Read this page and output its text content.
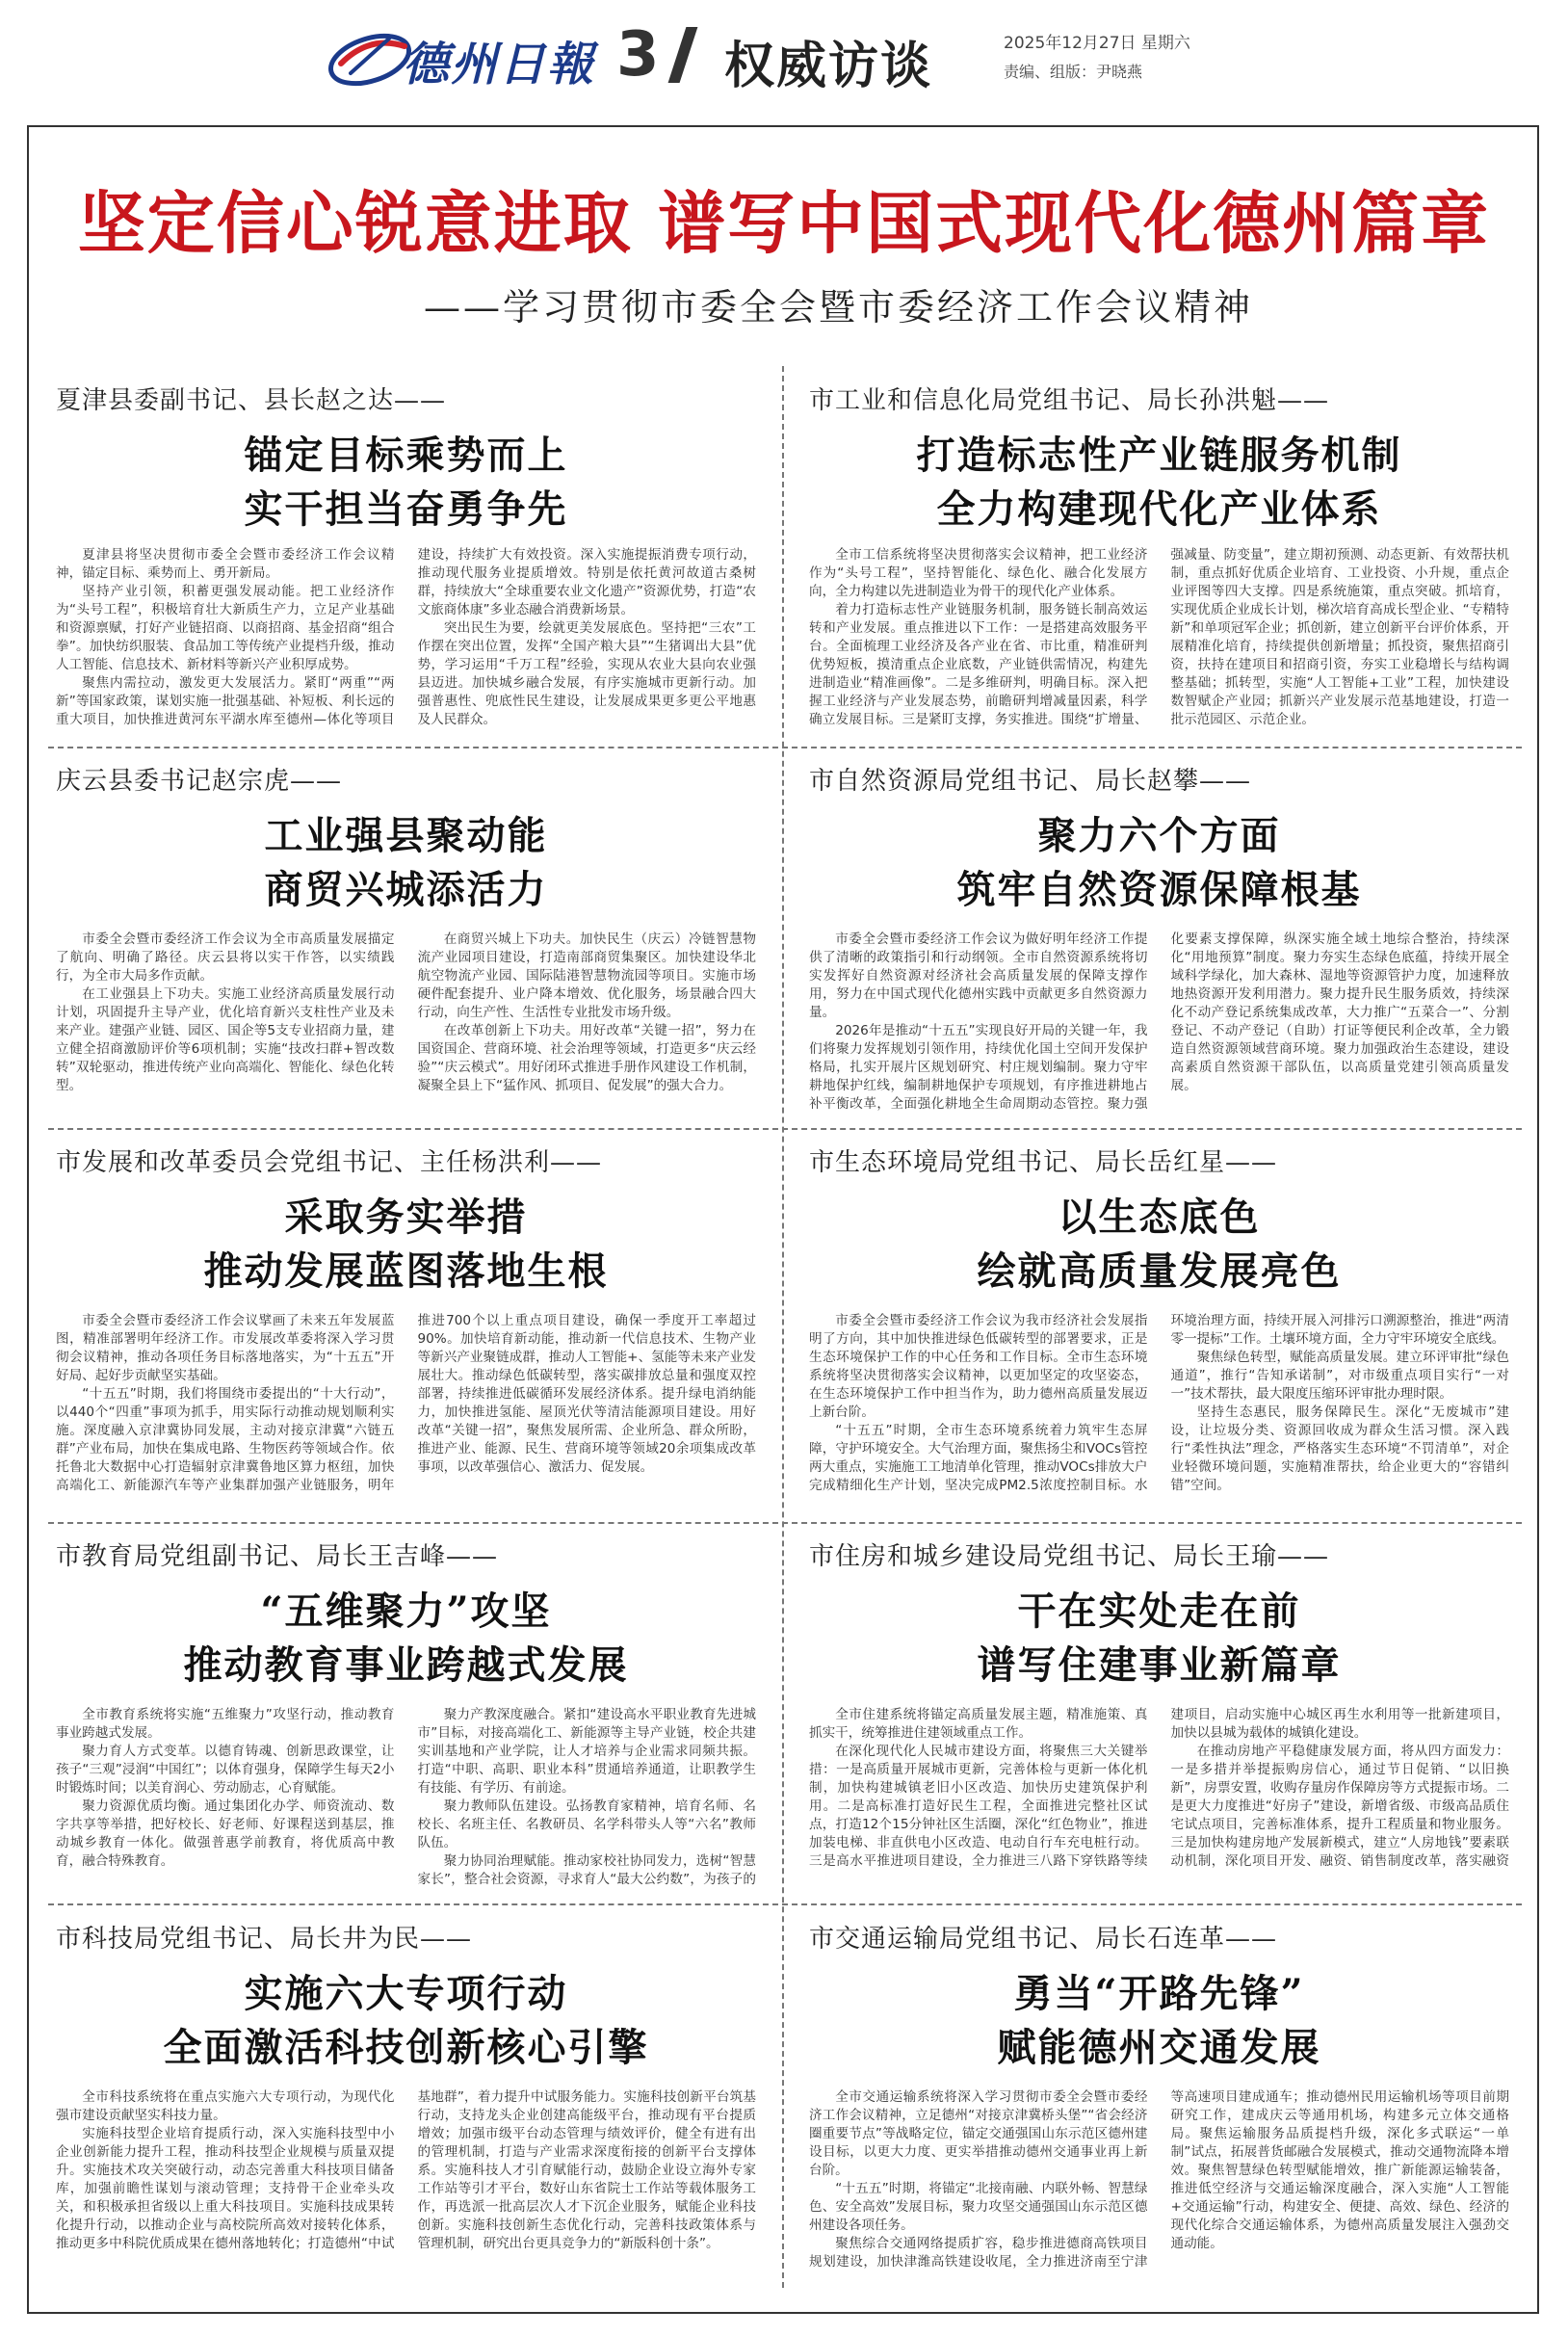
德州日報 3 权威访谈	2025年12月27日 星期六
责编、组版：尹晓燕
坚定信心锐意进取 谱写中国式现代化德州篇章
——学习贯彻市委全会暨市委经济工作会议精神
夏津县委副书记、县长赵之达——
锚定目标乘势而上
实干担当奋勇争先

夏津县将坚决贯彻市委全会暨市委经济工作会议精神，锚定目标、乘势而上、勇开新局。

坚持产业引领，积蓄更强发展动能。把工业经济作为“头号工程”，积极培育壮大新质生产力，立足产业基础和资源禀赋，打好产业链招商、以商招商、基金招商“组合拳”。加快纺织服装、食品加工等传统产业提档升级，推动人工智能、信息技术、新材料等新兴产业积厚成势。

聚焦内需拉动，激发更大发展活力。紧盯“两重”“两新”等国家政策，谋划实施一批强基础、补短板、利长远的重大项目，加快推进黄河东平湖水库至德州—体化等项目建设，持续扩大有效投资。深入实施提振消费专项行动，推动现代服务业提质增效。特别是依托黄河故道古桑树群，持续放大“全球重要农业文化遗产”资源优势，打造“农文旅商体康”多业态融合消费新场景。

突出民生为要，绘就更美发展底色。坚持把“三农”工作摆在突出位置，发挥“全国产粮大县”“生猪调出大县”优势，学习运用“千万工程”经验，实现从农业大县向农业强县迈进。加快城乡融合发展，有序实施城市更新行动。加强普惠性、兜底性民生建设，让发展成果更多更公平地惠及人民群众。

市工业和信息化局党组书记、局长孙洪魁——
打造标志性产业链服务机制
全力构建现代化产业体系

全市工信系统将坚决贯彻落实会议精神，把工业经济作为“头号工程”，坚持智能化、绿色化、融合化发展方向，全力构建以先进制造业为骨干的现代化产业体系。

着力打造标志性产业链服务机制，服务链长制高效运转和产业发展。重点推进以下工作：一是搭建高效服务平台。全面梳理工业经济及各产业在省、市比重，精准研判优势短板，摸清重点企业底数，产业链供需情况，构建先进制造业“精准画像”。二是多维研判，明确目标。深入把握工业经济与产业发展态势，前瞻研判增减量因素，科学确立发展目标。三是紧盯支撑，务实推进。围绕“扩增量、强减量、防变量”，建立期初预测、动态更新、有效帮扶机制，重点抓好优质企业培育、工业投资、小升规，重点企业评图等四大支撑。四是系统施策，重点突破。抓培育，实现优质企业成长计划，梯次培育高成长型企业、“专精特新”和单项冠军企业；抓创新，建立创新平台评价体系，开展精准化培育，持续提供创新增量；抓投资，聚焦招商引资，扶持在建项目和招商引资，夯实工业稳增长与结构调整基础；抓转型，实施“人工智能+工业”工程，加快建设数智赋企产业园；抓新兴产业发展示范基地建设，打造一批示范园区、示范企业。

庆云县委书记赵宗虎——
工业强县聚动能
商贸兴城添活力

市委全会暨市委经济工作会议为全市高质量发展描定了航向、明确了路径。庆云县将以实干作答，以实绩践行，为全市大局多作贡献。

在工业强县上下功夫。实施工业经济高质量发展行动计划，巩固提升主导产业，优化培育新兴支柱性产业及未来产业。建强产业链、园区、国企等5支专业招商力量，建立健全招商激励评价等6项机制；实施“技改扫群+智改数转”双轮驱动，推进传统产业向高端化、智能化、绿色化转型。

在商贸兴城上下功夫。加快民生（庆云）冷链智慧物流产业园项目建设，打造南部商贸集聚区。加快建设华北航空物流产业园、国际陆港智慧物流园等项目。实施市场硬件配套提升、业户降本增效、优化服务，场景融合四大行动，向生产性、生活性专业批发市场升级。

在改革创新上下功夫。用好改革“关键一招”，努力在国资国企、营商环境、社会治理等领域，打造更多“庆云经验”“庆云模式”。用好闭环式推进手册作风建设工作机制，凝聚全县上下“猛作风、抓项目、促发展”的强大合力。

市自然资源局党组书记、局长赵攀——
聚力六个方面
筑牢自然资源保障根基

市委全会暨市委经济工作会议为做好明年经济工作提供了清晰的政策指引和行动纲领。全市自然资源系统将切实发挥好自然资源对经济社会高质量发展的保障支撑作用，努力在中国式现代化德州实践中贡献更多自然资源力量。

2026年是推动“十五五”实现良好开局的关键一年，我们将聚力发挥规划引领作用，持续优化国土空间开发保护格局，扎实开展片区规划研究、村庄规划编制。聚力守牢耕地保护红线，编制耕地保护专项规划，有序推进耕地占补平衡改革，全面强化耕地全生命周期动态管控。聚力强化要素支撑保障，纵深实施全域土地综合整治，持续深化“用地预算”制度。聚力夯实生态绿色底蕴，持续开展全域科学绿化，加大森林、湿地等资源管护力度，加速释放地热资源开发利用潜力。聚力提升民生服务质效，持续深化不动产登记系统集成改革，大力推广“五菜合一”、分割登记、不动产登记（自助）打证等便民利企改革，全力锻造自然资源领域营商环境。聚力加强政治生态建设，建设高素质自然资源干部队伍，以高质量党建引领高质量发展。

市发展和改革委员会党组书记、主任杨洪利——
采取务实举措
推动发展蓝图落地生根

市委全会暨市委经济工作会议擘画了未来五年发展蓝图，精准部署明年经济工作。市发展改革委将深入学习贯彻会议精神，推动各项任务目标落地落实，为“十五五”开好局、起好步贡献坚实基础。

“十五五”时期，我们将围绕市委提出的“十大行动”，以440个“四重”事项为抓手，用实际行动推动规划顺利实施。深度融入京津冀协同发展，主动对接京津冀“六链五群”产业布局，加快在集成电路、生物医药等领域合作。依托鲁北大数据中心打造辐射京津冀鲁地区算力枢纽，加快高端化工、新能源汽车等产业集群加强产业链服务，明年推进700个以上重点项目建设，确保一季度开工率超过90%。加快培育新动能，推动新一代信息技术、生物产业等新兴产业聚链成群，推动人工智能+、氢能等未来产业发展壮大。推动绿色低碳转型，落实碳排放总量和强度双控部署，持续推进低碳循环发展经济体系。提升绿电消纳能力，加快推进氢能、屋顶光伏等清洁能源项目建设。用好改革“关键一招”，聚焦发展所需、企业所急、群众所盼，推进产业、能源、民生、营商环境等领域20余项集成改革事项，以改革强信心、激活力、促发展。

市生态环境局党组书记、局长岳红星——
以生态底色
绘就高质量发展亮色

市委全会暨市委经济工作会议为我市经济社会发展指明了方向，其中加快推进绿色低碳转型的部署要求，正是生态环境保护工作的中心任务和工作目标。全市生态环境系统将坚决贯彻落实会议精神，以更加坚定的攻坚姿态，在生态环境保护工作中担当作为，助力德州高质量发展迈上新台阶。

“十五五”时期，全市生态环境系统着力筑牢生态屏障，守护环境安全。大气治理方面，聚焦扬尘和VOCs管控两大重点，实施施工工地清单化管理，推动VOCs排放大户完成精细化生产计划，坚决完成PM2.5浓度控制目标。水环境治理方面，持续开展入河排污口溯源整治，推进“两清零一提标”工作。土壤环境方面，全力守牢环境安全底线。

聚焦绿色转型，赋能高质量发展。建立环评审批“绿色通道”，推行“告知承诺制”，对市级重点项目实行“一对一”技术帮扶，最大限度压缩环评审批办理时限。

坚持生态惠民，服务保障民生。深化“无废城市”建设，让垃圾分类、资源回收成为群众生活习惯。深入践行“柔性执法”理念，严格落实生态环境“不罚清单”，对企业轻微环境问题，实施精准帮扶，给企业更大的“容错纠错”空间。

市教育局党组副书记、局长王吉峰——
“五维聚力”攻坚
推动教育事业跨越式发展

全市教育系统将实施“五维聚力”攻坚行动，推动教育事业跨越式发展。

聚力育人方式变革。以德育铸魂、创新思政课堂，让孩子“三观”浸润“中国红”；以体育强身，保障学生每天2小时锻炼时间；以美育润心、劳动励志，心育赋能。

聚力资源优质均衡。通过集团化办学、师资流动、数字共享等举措，把好校长、好老师、好课程送到基层，推动城乡教育一体化。做强普惠学前教育，将优质高中教育，融合特殊教育。

聚力产教深度融合。紧扣“建设高水平职业教育先进城市”目标，对接高端化工、新能源等主导产业链，校企共建实训基地和产业学院，让人才培养与企业需求同频共振。打造“中职、高职、职业本科”贯通培养通道，让职教学生有技能、有学历、有前途。

聚力教师队伍建设。弘扬教育家精神，培育名师、名校长、名班主任、名教研员、名学科带头人等“六名”教师队伍。

聚力协同治理赋能。推动家校社协同发力，选树“智慧家长”，整合社会资源，寻求育人“最大公约数”，为孩子的

市住房和城乡建设局党组书记、局长王瑜——
干在实处走在前
谱写住建事业新篇章

全市住建系统将锚定高质量发展主题，精准施策、真抓实干，统筹推进住建领域重点工作。

在深化现代化人民城市建设方面，将聚焦三大关键举措：一是高质量开展城市更新，完善体检与更新一体化机制，加快构建城镇老旧小区改造、加快历史建筑保护利用。二是高标准打造好民生工程，全面推进完整社区试点，打造12个15分钟社区生活圈，深化“红色物业”，推进加装电梯、非直供电小区改造、电动自行车充电桩行动。三是高水平推进项目建设，全力推进三八路下穿铁路等续建项目，启动实施中心城区再生水利用等一批新建项目，加快以县城为载体的城镇化建设。

在推动房地产平稳健康发展方面，将从四方面发力：一是多措并举提振购房信心，通过节日促销、“以旧换新”，房票安置，收购存量房作保障房等方式提振市场。二是更大力度推进“好房子”建设，新增省级、市级高品质住宅试点项目，完善标准体系，提升工程质量和物业服务。三是加快构建房地产发展新模式，建立“人房地钱”要素联动机制，深化项目开发、融资、销售制度改革，落实融资

市科技局党组书记、局长井为民——
实施六大专项行动
全面激活科技创新核心引擎

全市科技系统将在重点实施六大专项行动，为现代化强市建设贡献坚实科技力量。

实施科技型企业培育提质行动，深入实施科技型中小企业创新能力提升工程，推动科技型企业规模与质量双提升。实施技术攻关突破行动，动态完善重大科技项目储备库，加强前瞻性谋划与滚动管理；支持骨干企业牵头攻关，和积极承担省级以上重大科技项目。实施科技成果转化提升行动，以推动企业与高校院所高效对接转化体系，推动更多中科院优质成果在德州落地转化；打造德州“中试基地群”，着力提升中试服务能力。实施科技创新平台筑基行动，支持龙头企业创建高能级平台，推动现有平台提质增效；加强市级平台动态管理与绩效评价，健全有进有出的管理机制，打造与产业需求深度衔接的创新平台支撑体系。实施科技人才引育赋能行动，鼓励企业设立海外专家工作站等引才平台，数好山东省院士工作站等载体服务工作，再选派一批高层次人才下沉企业服务，赋能企业科技创新。实施科技创新生态优化行动，完善科技政策体系与管理机制，研究出台更具竞争力的“新版科创十条”。

市交通运输局党组书记、局长石连革——
勇当“开路先锋”
赋能德州交通发展

全市交通运输系统将深入学习贯彻市委全会暨市委经济工作会议精神，立足德州“对接京津冀桥头堡”“省会经济圈重要节点”等战略定位，锚定交通强国山东示范区德州建设目标，以更大力度、更实举措推动德州交通事业再上新台阶。

“十五五”时期，将锚定“北接南融、内联外畅、智慧绿色、安全高效”发展目标，聚力攻坚交通强国山东示范区德州建设各项任务。

聚焦综合交通网络提质扩容，稳步推进德商高铁项目规划建设，加快津潍高铁建设收尾，全力推进济南至宁津等高速项目建成通车；推动德州民用运输机场等项目前期研究工作，建成庆云等通用机场，构建多元立体交通格局。聚焦运输服务品质提档升级，深化多式联运“一单制”试点，拓展普货邮融合发展模式，推动交通物流降本增效。聚焦智慧绿色转型赋能增效，推广新能源运输装备，推进低空经济与交通运输深度融合，深入实施“人工智能+交通运输”行动，构建安全、便捷、高效、绿色、经济的现代化综合交通运输体系，为德州高质量发展注入强劲交通动能。
